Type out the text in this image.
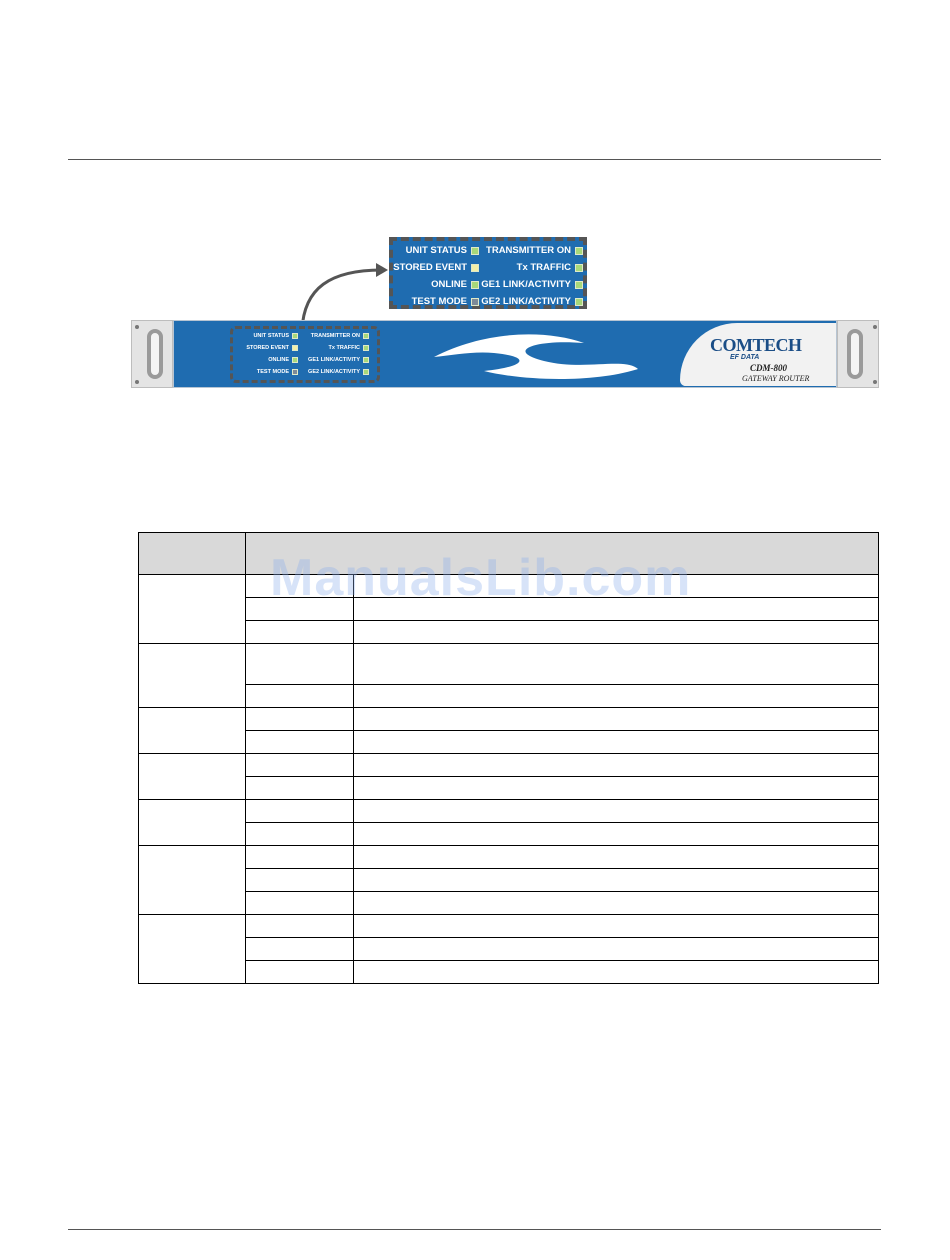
UNIT STATUS
STORED EVENT
ONLINE
TEST MODE
TRANSMITTER ON
Tx TRAFFIC
GE1 LINK/ACTIVITY
GE2 LINK/ACTIVITY
UNIT STATUS
STORED EVENT
ONLINE
TEST MODE
TRANSMITTER ON
Tx TRAFFIC
GE1 LINK/ACTIVITY
GE2 LINK/ACTIVITY
COMTECH
EF DATA
CDM-800
GATEWAY ROUTER

ManualsLib.com
